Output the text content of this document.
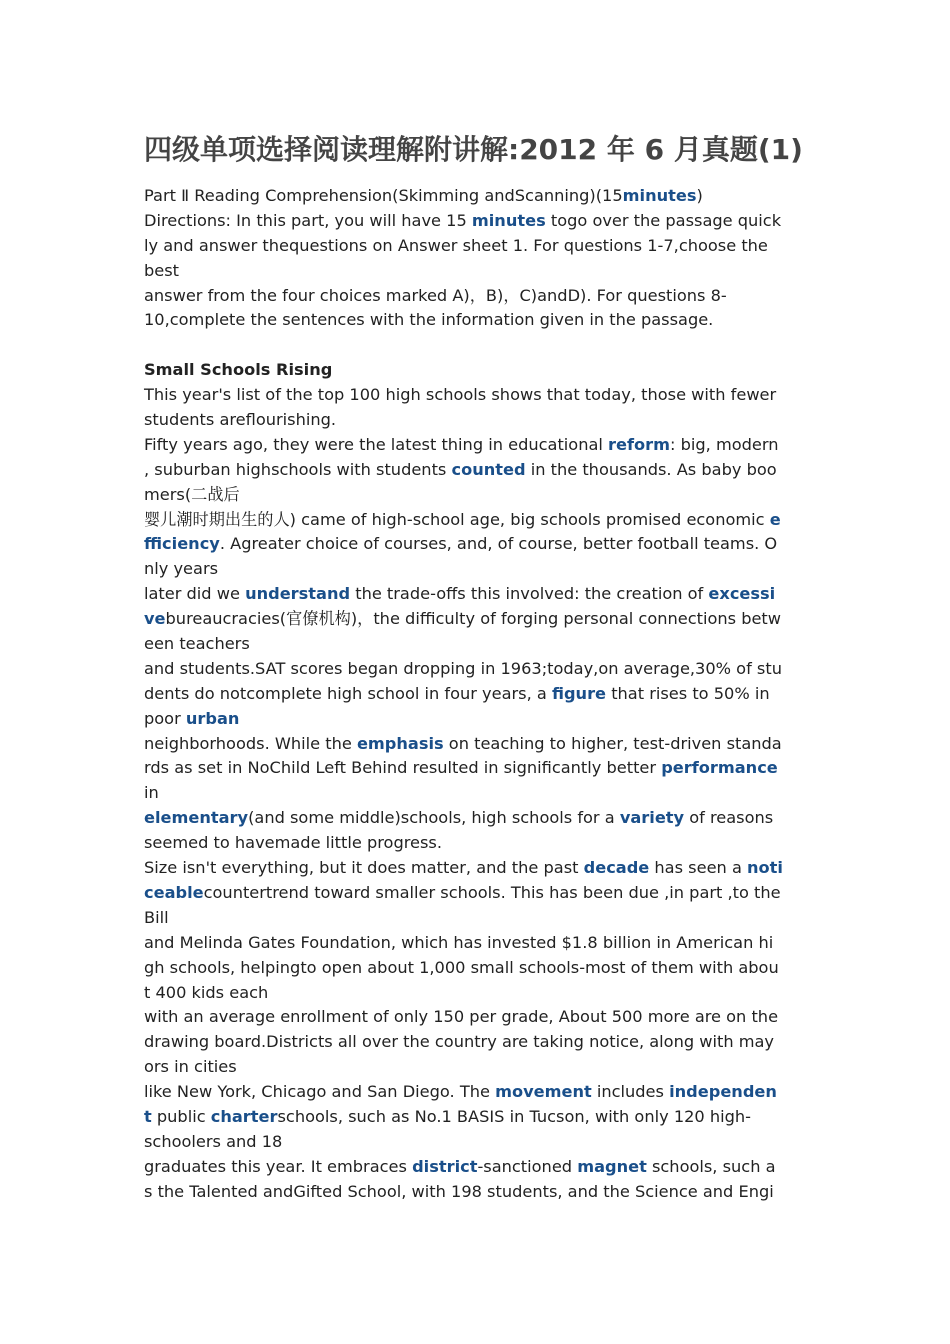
四级单项选择阅读理解附讲解:2012 年 6 月真题(1)
Part Ⅱ Reading Comprehension(Skimming andScanning)(15minutes)
Directions: In this part, you will have 15 minutes togo over the passage quick
ly and answer thequestions on Answer sheet 1. For questions 1-7,choose the
best
answer from the four choices marked A)，B)，C)andD). For questions 8-
10,complete the sentences with the information given in the passage.
Small Schools Rising
This year's list of the top 100 high schools shows that today, those with fewer
students areflourishing.
Fifty years ago, they were the latest thing in educational reform: big, modern
, suburban highschools with students counted in the thousands. As baby boo
mers(二战后
婴儿潮时期出生的人) came of high-school age, big schools promised economic e
fficiency. Agreater choice of courses, and, of course, better football teams. O
nly years
later did we understand the trade-offs this involved: the creation of excessi
vebureaucracies(官僚机构)，the difficulty of forging personal connections betw
een teachers
and students.SAT scores began dropping in 1963;today,on average,30% of stu
dents do notcomplete high school in four years, a figure that rises to 50% in
poor urban
neighborhoods. While the emphasis on teaching to higher, test-driven standa
rds as set in NoChild Left Behind resulted in significantly better performance
in
elementary(and some middle)schools, high schools for a variety of reasons
seemed to havemade little progress.
Size isn't everything, but it does matter, and the past decade has seen a noti
ceablecountertrend toward smaller schools. This has been due ,in part ,to the
Bill
and Melinda Gates Foundation, which has invested $1.8 billion in American hi
gh schools, helpingto open about 1,000 small schools-most of them with abou
t 400 kids each
with an average enrollment of only 150 per grade, About 500 more are on the
drawing board.Districts all over the country are taking notice, along with may
ors in cities
like New York, Chicago and San Diego. The movement includes independen
t public charterschools, such as No.1 BASIS in Tucson, with only 120 high-
schoolers and 18
graduates this year. It embraces district-sanctioned magnet schools, such a
s the Talented andGifted School, with 198 students, and the Science and Engi
